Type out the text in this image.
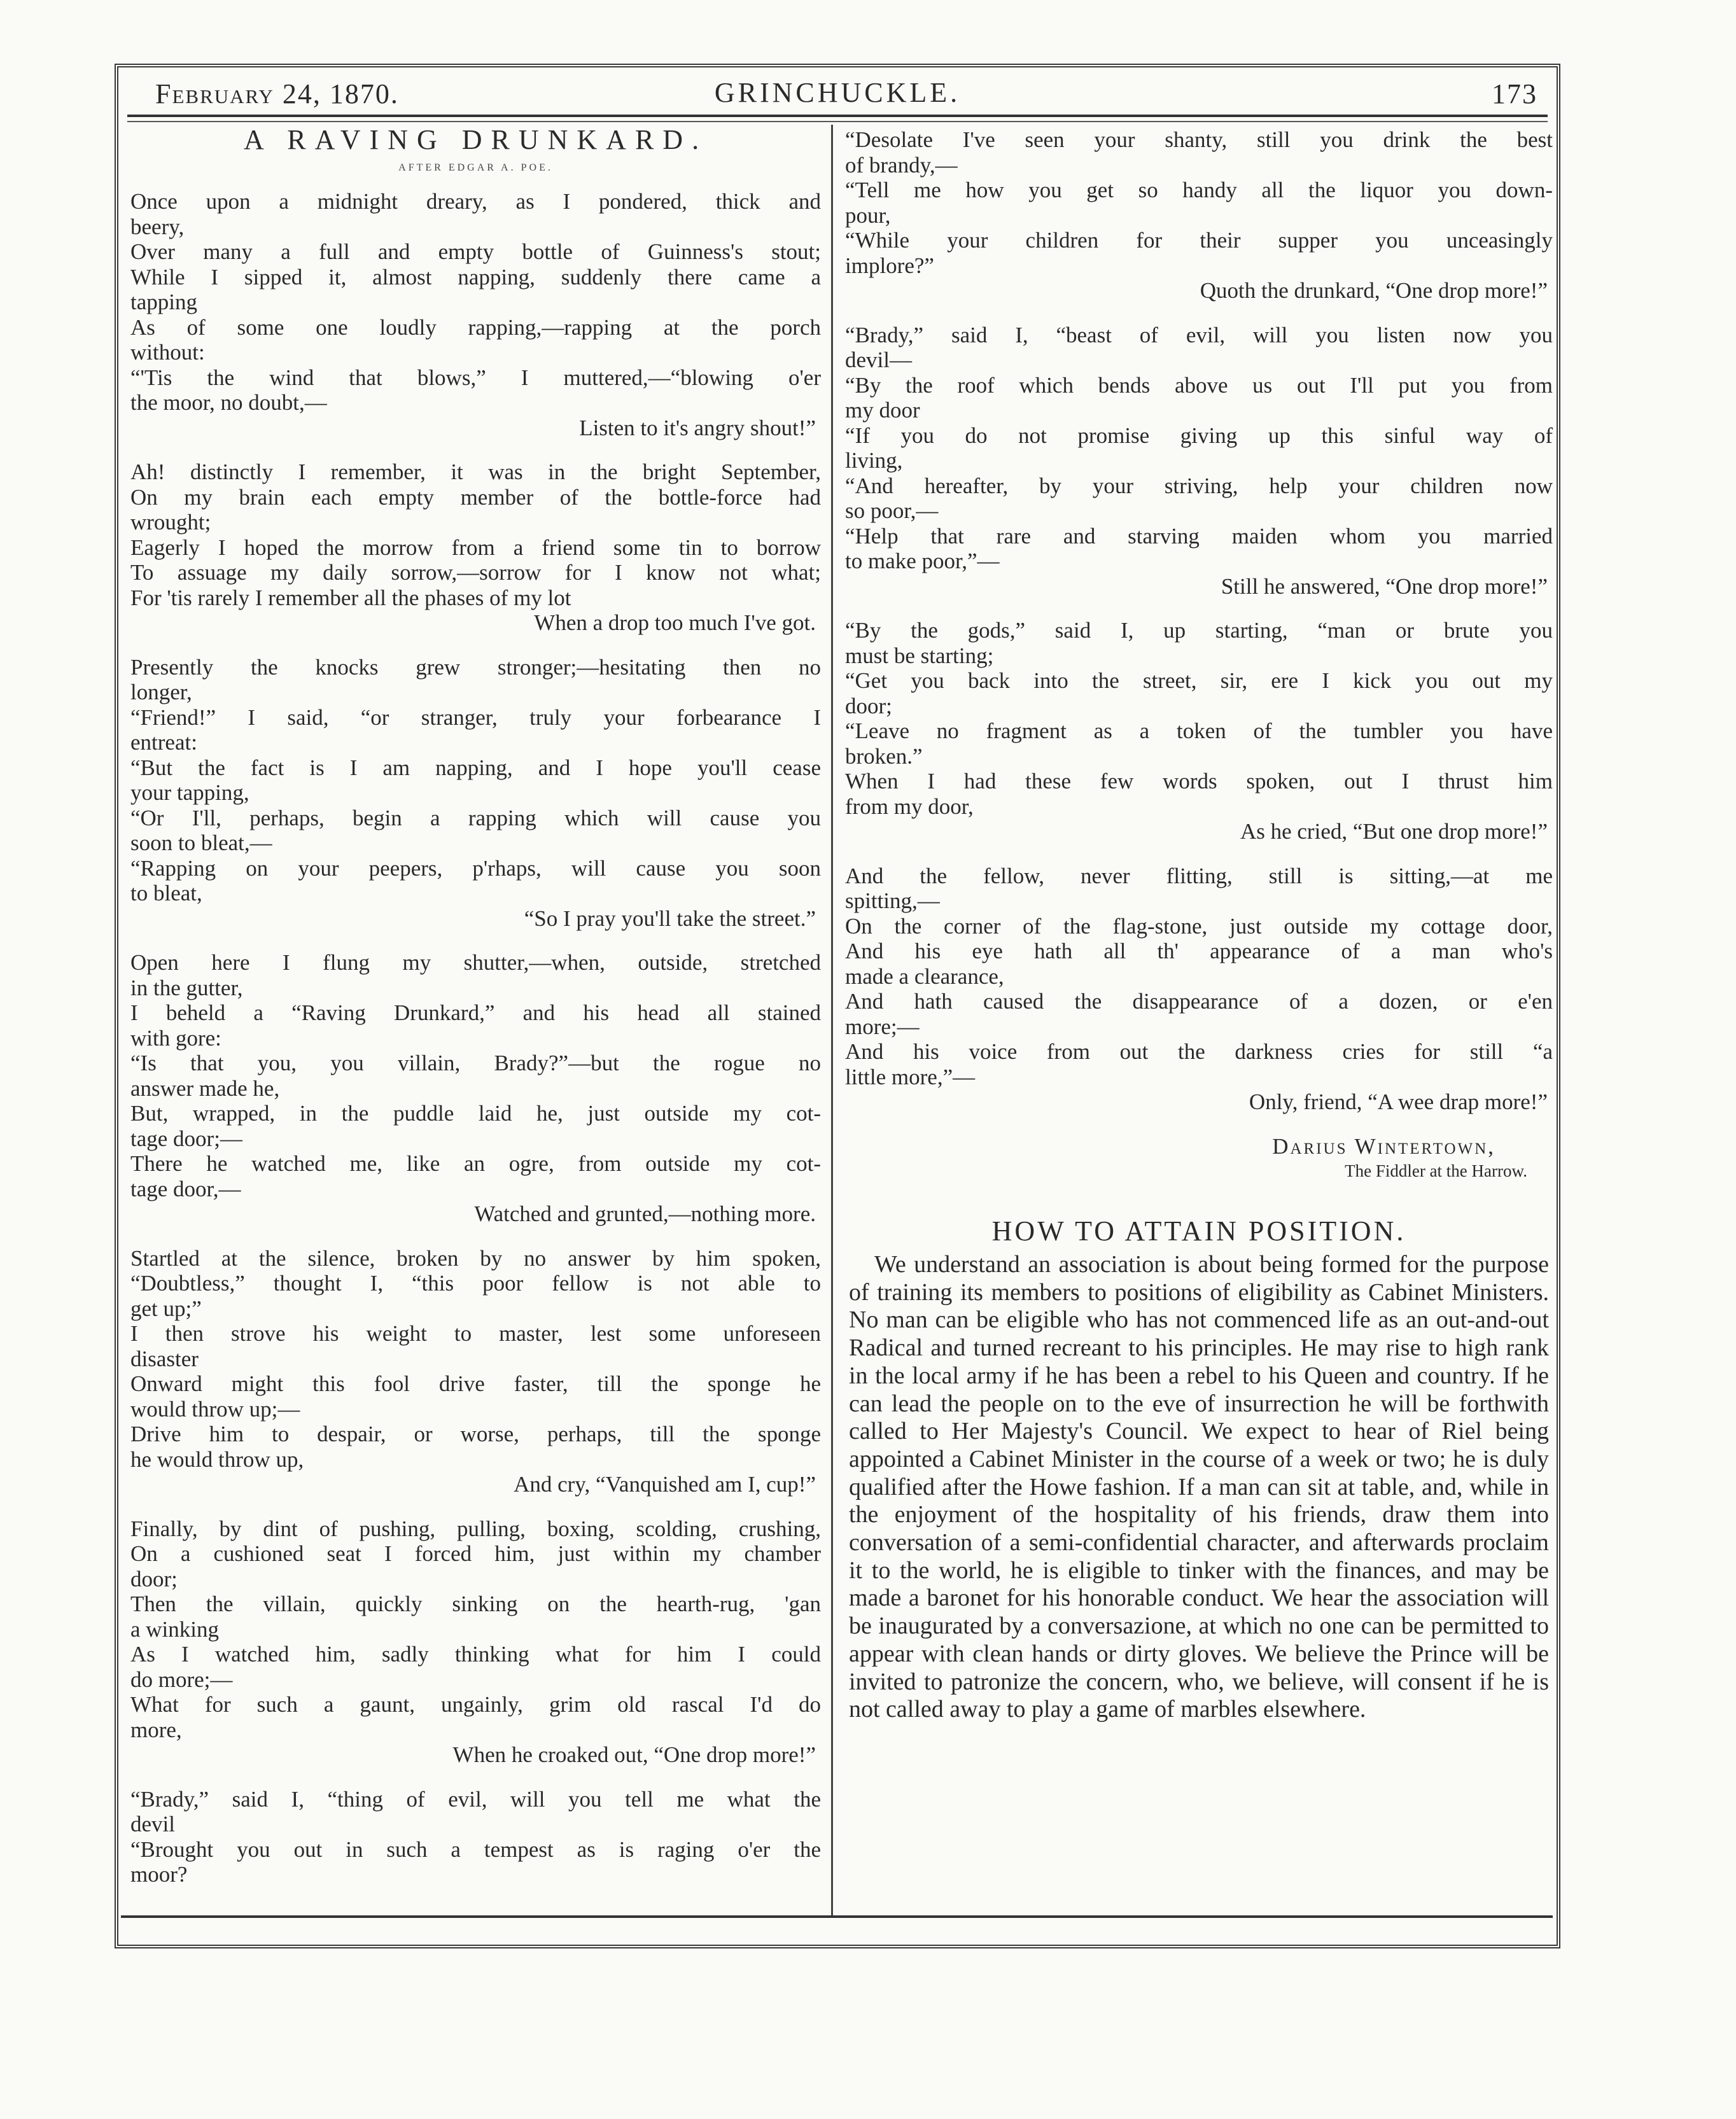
February 24, 1870.	GRINCHUCKLE.	173
A RAVING DRUNKARD.
AFTER EDGAR A. POE.
Once upon a midnight dreary, as I pondered, thick and
beery,
Over many a full and empty bottle of Guinness's stout;
While I sipped it, almost napping, suddenly there came a
tapping
As of some one loudly rapping,—rapping at the porch
without:
“'Tis the wind that blows,” I muttered,—“blowing o'er
the moor, no doubt,—
Listen to it's angry shout!”
Ah! distinctly I remember, it was in the bright September,
On my brain each empty member of the bottle-force had
wrought;
Eagerly I hoped the morrow from a friend some tin to borrow
To assuage my daily sorrow,—sorrow for I know not what;
For 'tis rarely I remember all the phases of my lot
When a drop too much I've got.
Presently the knocks grew stronger;—hesitating then no
longer,
“Friend!” I said, “or stranger, truly your forbearance I
entreat:
“But the fact is I am napping, and I hope you'll cease
your tapping,
“Or I'll, perhaps, begin a rapping which will cause you
soon to bleat,—
“Rapping on your peepers, p'rhaps, will cause you soon
to bleat,
“So I pray you'll take the street.”
Open here I flung my shutter,—when, outside, stretched
in the gutter,
I beheld a “Raving Drunkard,” and his head all stained
with gore:
“Is that you, you villain, Brady?”—but the rogue no
answer made he,
But, wrapped, in the puddle laid he, just outside my cot-
tage door;—
There he watched me, like an ogre, from outside my cot-
tage door,—
Watched and grunted,—nothing more.
Startled at the silence, broken by no answer by him spoken,
“Doubtless,” thought I, “this poor fellow is not able to
get up;”
I then strove his weight to master, lest some unforeseen
disaster
Onward might this fool drive faster, till the sponge he
would throw up;—
Drive him to despair, or worse, perhaps, till the sponge
he would throw up,
And cry, “Vanquished am I, cup!”
Finally, by dint of pushing, pulling, boxing, scolding, crushing,
On a cushioned seat I forced him, just within my chamber
door;
Then the villain, quickly sinking on the hearth-rug, 'gan
a winking
As I watched him, sadly thinking what for him I could
do more;—
What for such a gaunt, ungainly, grim old rascal I'd do
more,
When he croaked out, “One drop more!”
“Brady,” said I, “thing of evil, will you tell me what the
devil
“Brought you out in such a tempest as is raging o'er the
moor?
“Desolate I've seen your shanty, still you drink the best
of brandy,—
“Tell me how you get so handy all the liquor you down-
pour,
“While your children for their supper you unceasingly
implore?”
Quoth the drunkard, “One drop more!”
“Brady,” said I, “beast of evil, will you listen now you
devil—
“By the roof which bends above us out I'll put you from
my door
“If you do not promise giving up this sinful way of
living,
“And hereafter, by your striving, help your children now
so poor,—
“Help that rare and starving maiden whom you married
to make poor,”—
Still he answered, “One drop more!”
“By the gods,” said I, up starting, “man or brute you
must be starting;
“Get you back into the street, sir, ere I kick you out my
door;
“Leave no fragment as a token of the tumbler you have
broken.”
When I had these few words spoken, out I thrust him
from my door,
As he cried, “But one drop more!”
And the fellow, never flitting, still is sitting,—at me
spitting,—
On the corner of the flag-stone, just outside my cottage door,
And his eye hath all th' appearance of a man who's
made a clearance,
And hath caused the disappearance of a dozen, or e'en
more;—
And his voice from out the darkness cries for still “a
little more,”—
Only, friend, “A wee drap more!”
Darius Wintertown,
The Fiddler at the Harrow.
HOW TO ATTAIN POSITION.

We understand an association is about being formed for the purpose of training its members to positions of eligibility as Cabinet Ministers. No man can be eligible who has not commenced life as an out-and-out Radical and turned recreant to his principles. He may rise to high rank in the local army if he has been a rebel to his Queen and country. If he can lead the people on to the eve of insurrection he will be forthwith called to Her Majesty's Council. We expect to hear of Riel being appointed a Cabinet Minister in the course of a week or two; he is duly qualified after the Howe fashion. If a man can sit at table, and, while in the enjoyment of the hospitality of his friends, draw them into conversation of a semi-confidential character, and afterwards proclaim it to the world, he is eligible to tinker with the finances, and may be made a baronet for his honorable conduct. We hear the association will be inaugurated by a conversazione, at which no one can be permitted to appear with clean hands or dirty gloves. We believe the Prince will be invited to patronize the concern, who, we believe, will consent if he is not called away to play a game of marbles elsewhere.
